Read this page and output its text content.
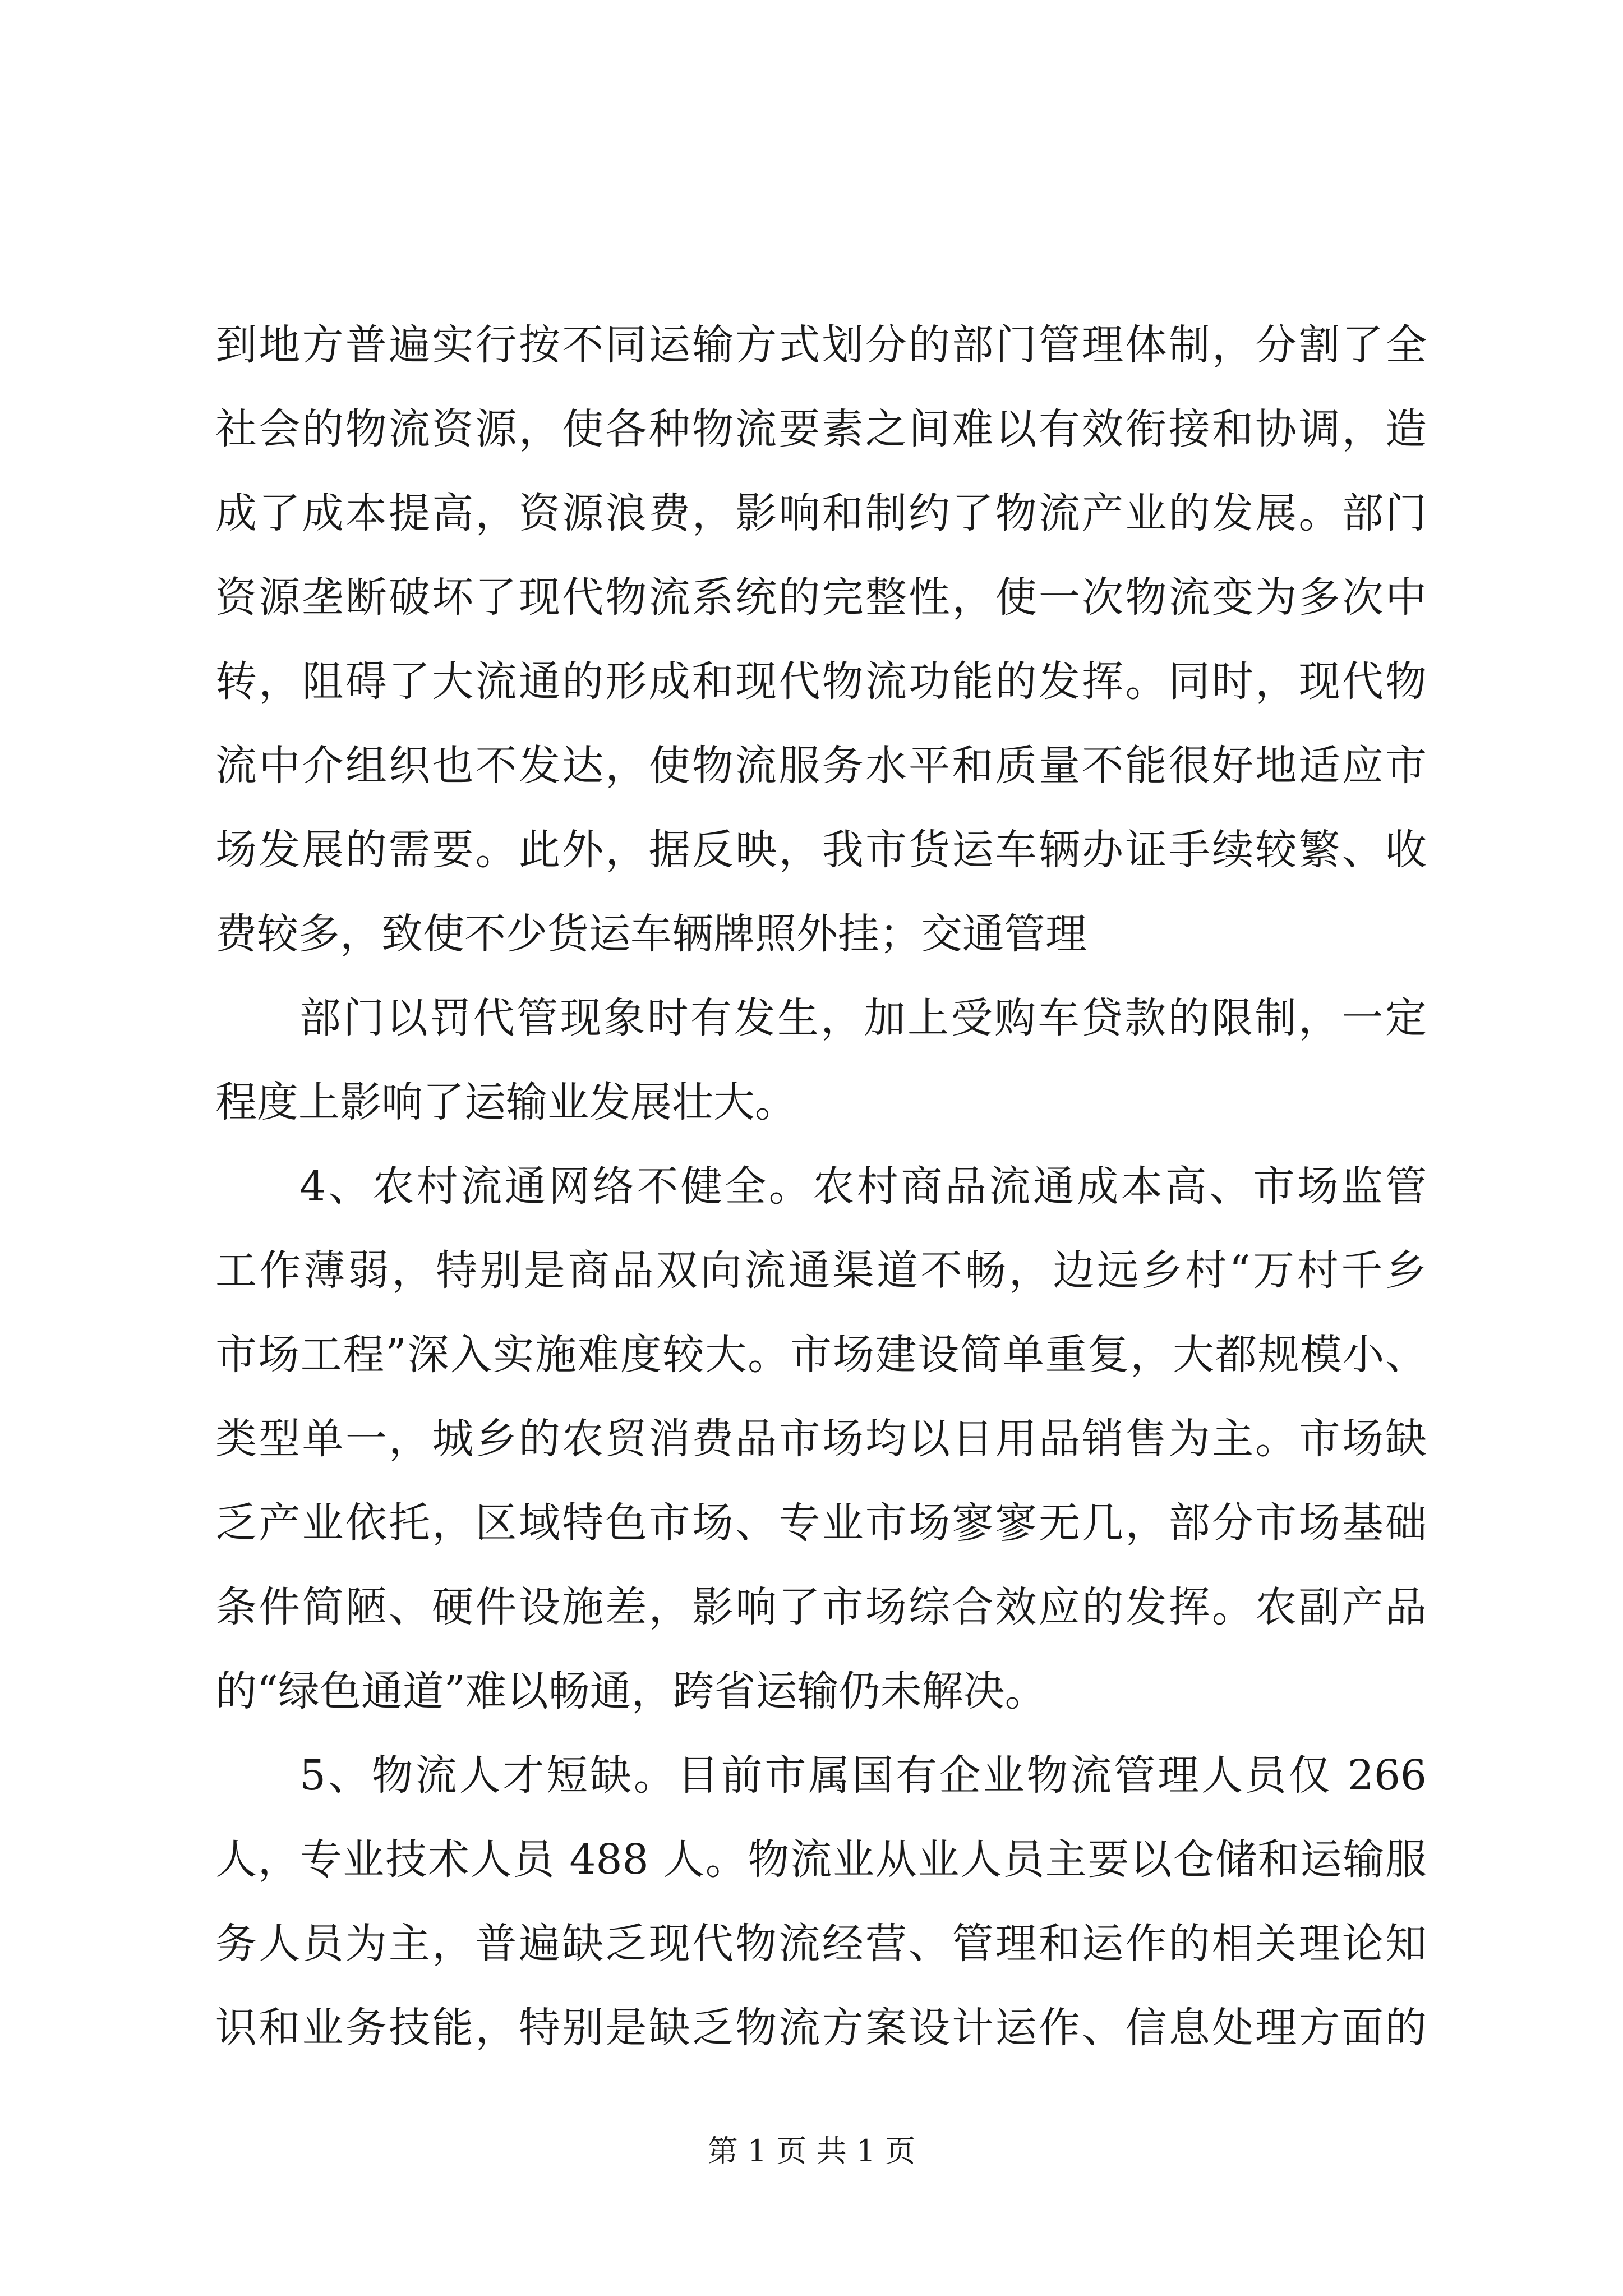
到地方普遍实行按不同运输方式划分的部门管理体制，分割了全
社会的物流资源，使各种物流要素之间难以有效衔接和协调，造
成了成本提高，资源浪费，影响和制约了物流产业的发展。部门
资源垄断破坏了现代物流系统的完整性，使一次物流变为多次中
转，阻碍了大流通的形成和现代物流功能的发挥。同时，现代物
流中介组织也不发达，使物流服务水平和质量不能很好地适应市
场发展的需要。此外，据反映，我市货运车辆办证手续较繁、收
费较多，致使不少货运车辆牌照外挂；交通管理
部门以罚代管现象时有发生，加上受购车贷款的限制，一定
程度上影响了运输业发展壮大。
4、农村流通网络不健全。农村商品流通成本高、市场监管
工作薄弱，特别是商品双向流通渠道不畅，边远乡村“万村千乡
市场工程”深入实施难度较大。市场建设简单重复，大都规模小、
类型单一，城乡的农贸消费品市场均以日用品销售为主。市场缺
乏产业依托，区域特色市场、专业市场寥寥无几，部分市场基础
条件简陋、硬件设施差，影响了市场综合效应的发挥。农副产品
的“绿色通道”难以畅通，跨省运输仍未解决。
5、物流人才短缺。目前市属国有企业物流管理人员仅 266
人，专业技术人员 488 人。物流业从业人员主要以仓储和运输服
务人员为主，普遍缺乏现代物流经营、管理和运作的相关理论知
识和业务技能，特别是缺乏物流方案设计运作、信息处理方面的
第 1 页 共 1 页
